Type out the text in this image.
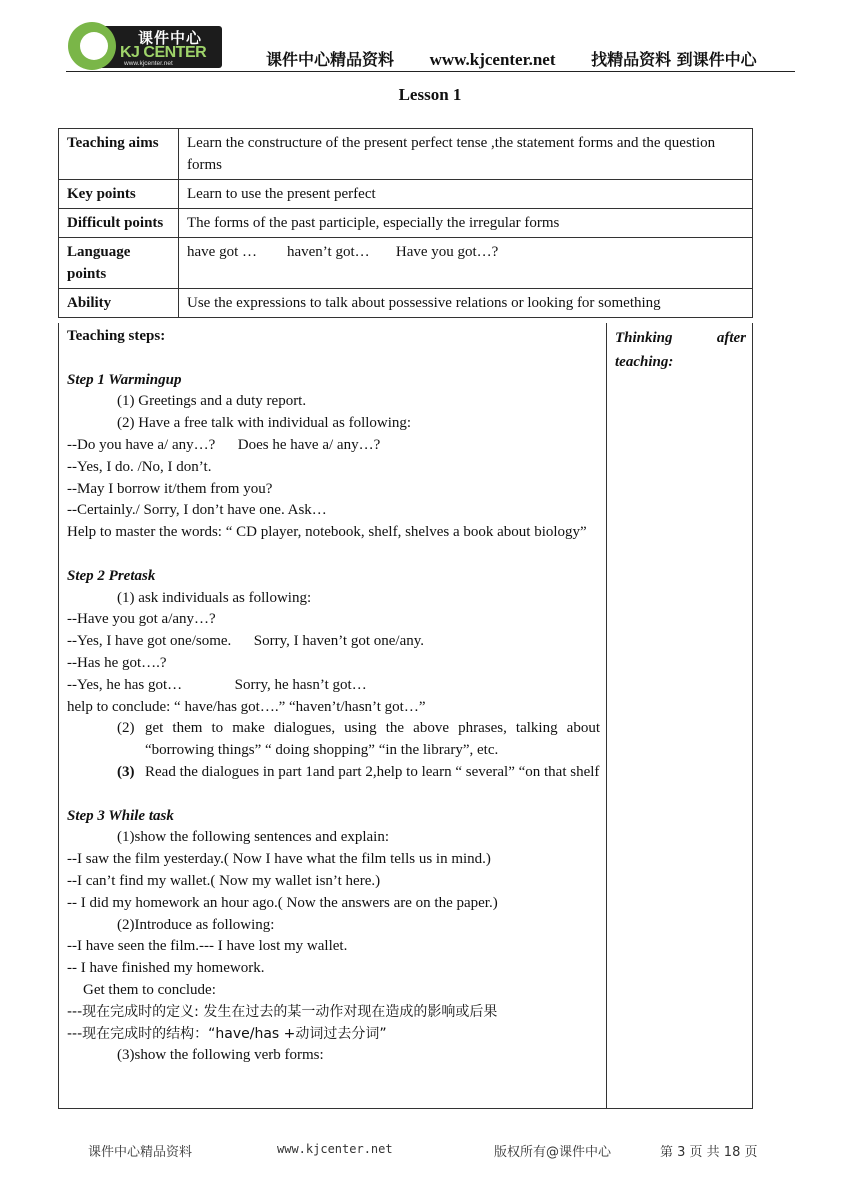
课件中心
KJ CENTER
www.kjcenter.net	课件中心精品资料 www.kjcenter.net 找精品资料 到课件中心
Lesson 1
Teaching aims	Learn the constructure of the present perfect tense ,the statement forms and the question forms
Key points	Learn to use the present perfect
Difficult points	The forms of the past participle, especially the irregular forms
Language points	have got …        haven’t got…       Have you got…?
Ability	Use the expressions to talk about possessive relations or looking for something
Teaching steps:
Step 1 Warmingup
(1) Greetings and a duty report.
(2) Have a free talk with individual as following:
--Do you have a/ any…?      Does he have a/ any…?
--Yes, I do. /No, I don’t.
--May I borrow it/them from you?
--Certainly./ Sorry, I don’t have one. Ask…
Help to master the words: “ CD player, notebook, shelf, shelves a book about biology”
Step 2 Pretask
(1) ask individuals as following:
--Have you got a/any…?
--Yes, I have got one/some.      Sorry, I haven’t got one/any.
--Has he got….?
--Yes, he has got…              Sorry, he hasn’t got…
help to conclude: “ have/has got….” “haven’t/hasn’t got…”
(2) get them to make dialogues, using the above phrases, talking about “borrowing things” “ doing shopping” “in the library”, etc.
(3) Read the dialogues in part 1and part 2,help to learn “ several” “on that shelf
Step 3 While task
(1)show the following sentences and explain:
--I saw the film yesterday.( Now I have what the film tells us in mind.)
--I can’t find my wallet.( Now my wallet isn’t here.)
-- I did my homework an hour ago.( Now the answers are on the paper.)
(2)Introduce as following:
--I have seen the film.--- I have lost my wallet.
-- I have finished my homework.
Get them to conclude:
---现在完成时的定义: 发生在过去的某一动作对现在造成的影响或后果
---现在完成时的结构：“have/has +动词过去分词”
(3)show the following verb forms:
Thinking	after
teaching:
课件中心精品资料	www.kjcenter.net	版权所有@课件中心	第 3 页 共 18 页
